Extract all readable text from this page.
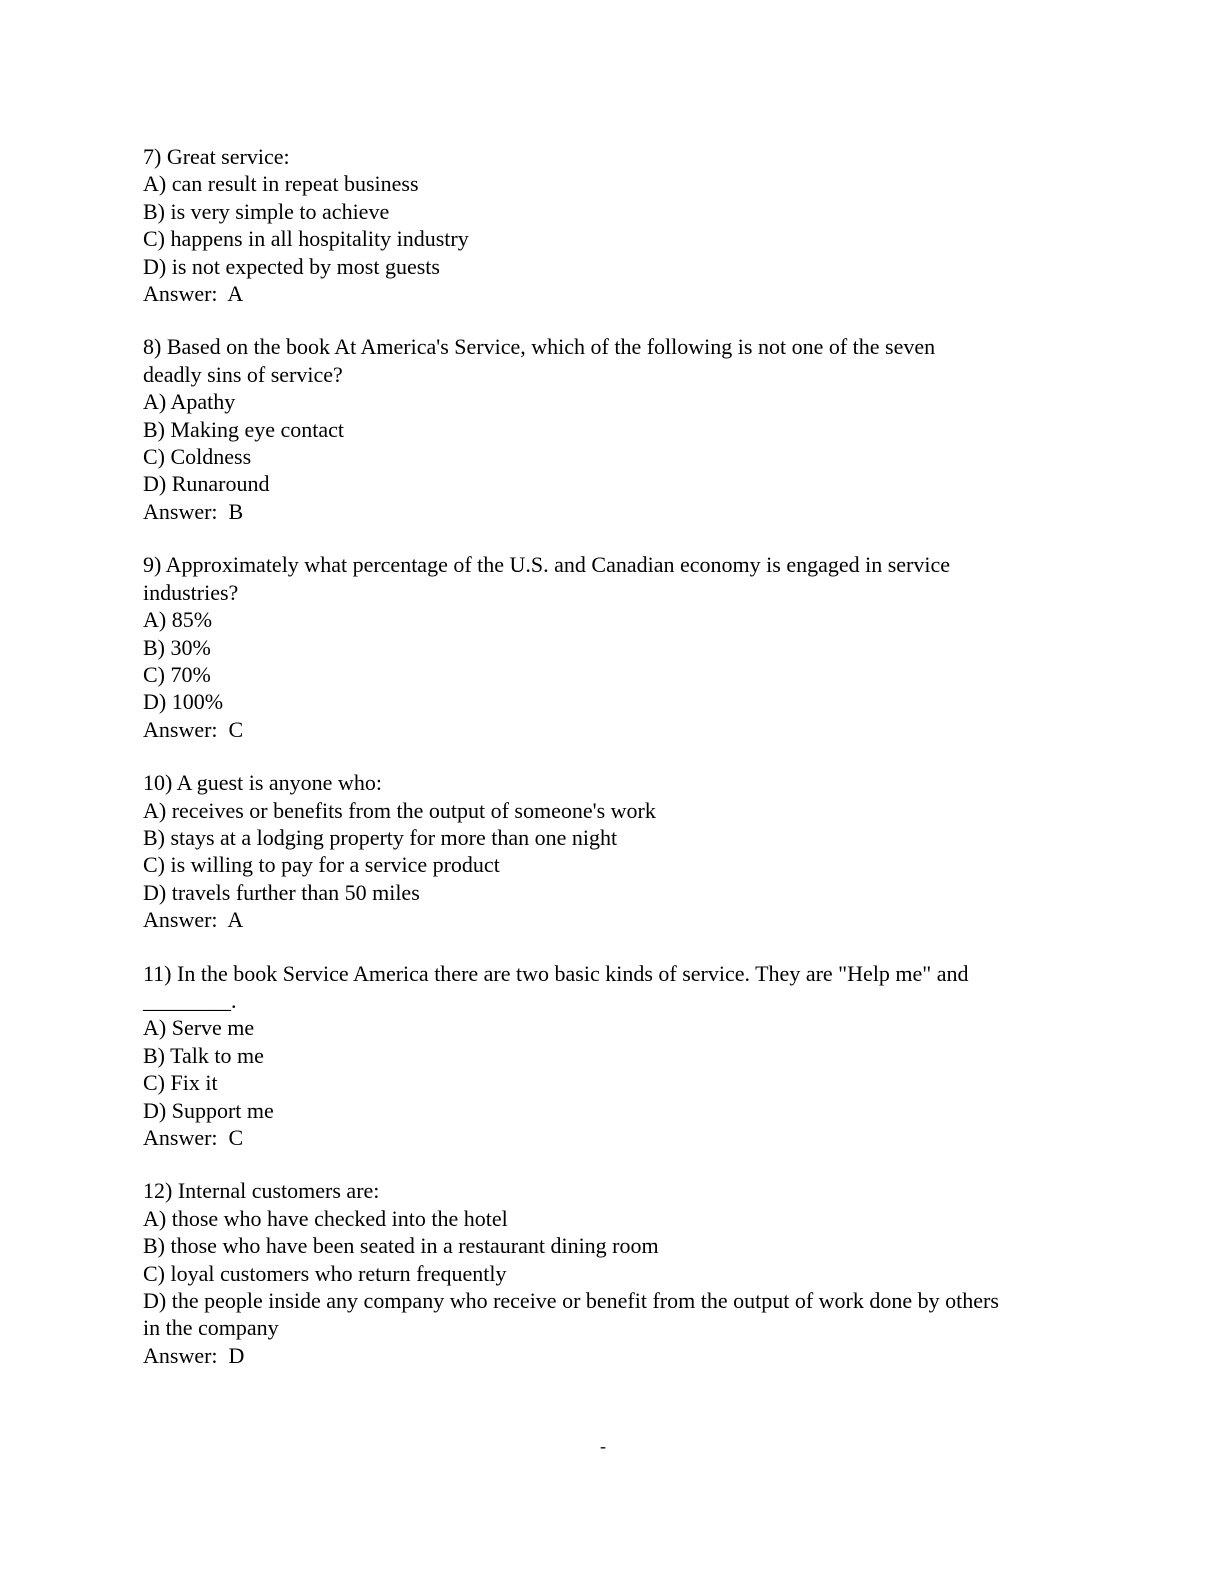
7) Great service:

A) can result in repeat business

B) is very simple to achieve

C) happens in all hospitality industry

D) is not expected by most guests

Answer:  A

8) Based on the book At America's Service, which of the following is not one of the seven

deadly sins of service?

A) Apathy

B) Making eye contact

C) Coldness

D) Runaround

Answer:  B

9) Approximately what percentage of the U.S. and Canadian economy is engaged in service

industries?

A) 85%

B) 30%

C) 70%

D) 100%

Answer:  C

10) A guest is anyone who:

A) receives or benefits from the output of someone's work

B) stays at a lodging property for more than one night

C) is willing to pay for a service product

D) travels further than 50 miles

Answer:  A

11) In the book Service America there are two basic kinds of service. They are "Help me" and

________.

A) Serve me

B) Talk to me

C) Fix it

D) Support me

Answer:  C

12) Internal customers are:

A) those who have checked into the hotel

B) those who have been seated in a restaurant dining room

C) loyal customers who return frequently

D) the people inside any company who receive or benefit from the output of work done by others

in the company

Answer:  D

-
